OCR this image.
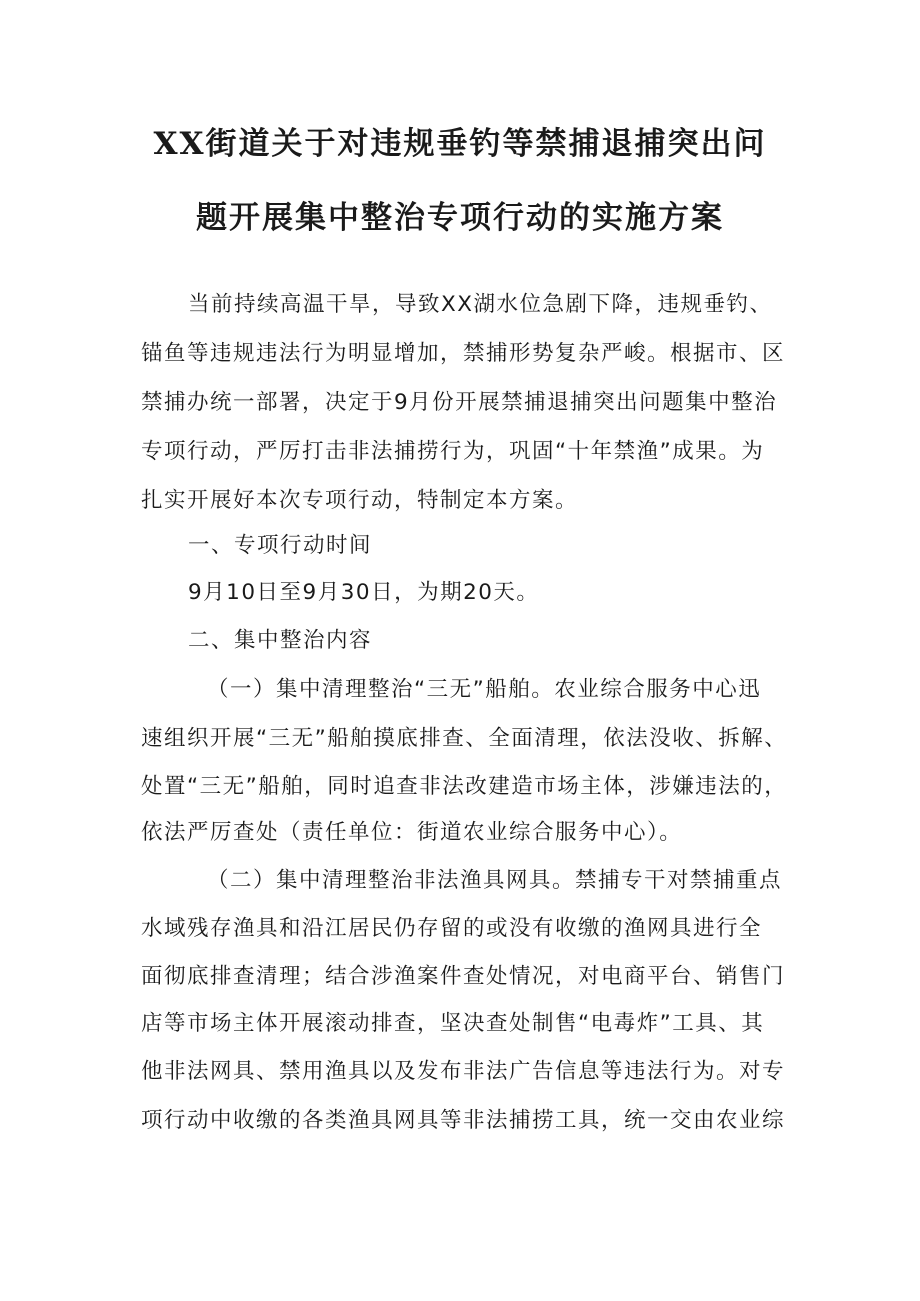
XX街道关于对违规垂钓等禁捕退捕突出问
题开展集中整治专项行动的实施方案

当前持续高温干旱，导致XX湖水位急剧下降，违规垂钓、

锚鱼等违规违法行为明显增加，禁捕形势复杂严峻。根据市、区

禁捕办统一部署，决定于9月份开展禁捕退捕突出问题集中整治

专项行动，严厉打击非法捕捞行为，巩固“十年禁渔”成果。为

扎实开展好本次专项行动，特制定本方案。

一、专项行动时间

9月10日至9月30日，为期20天。

二、集中整治内容

（一）集中清理整治“三无”船舶。农业综合服务中心迅

速组织开展“三无”船舶摸底排查、全面清理，依法没收、拆解、

处置“三无”船舶，同时追查非法改建造市场主体，涉嫌违法的，

依法严厉查处（责任单位：街道农业综合服务中心）。

（二）集中清理整治非法渔具网具。禁捕专干对禁捕重点

水域残存渔具和沿江居民仍存留的或没有收缴的渔网具进行全

面彻底排查清理；结合涉渔案件查处情况，对电商平台、销售门

店等市场主体开展滚动排查，坚决查处制售“电毒炸”工具、其

他非法网具、禁用渔具以及发布非法广告信息等违法行为。对专

项行动中收缴的各类渔具网具等非法捕捞工具，统一交由农业综
